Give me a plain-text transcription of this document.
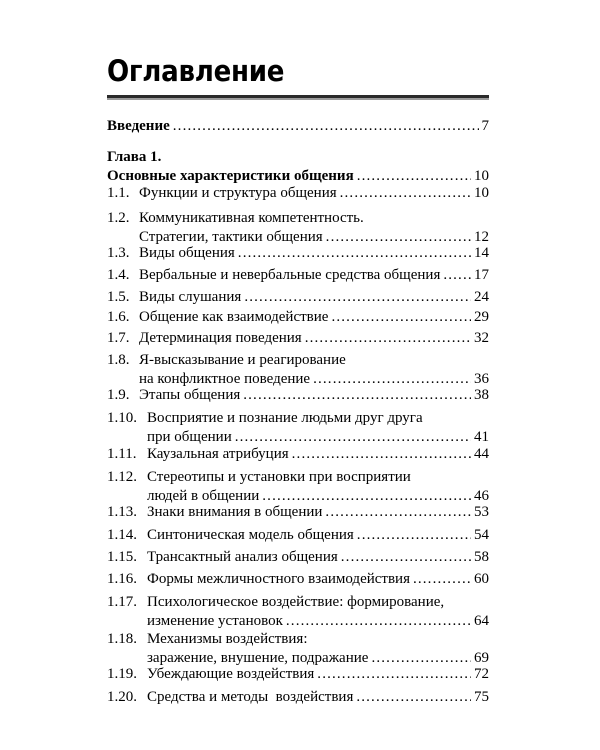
Оглавление
Введение . . .	7
Глава 1.
Основные характеристики общения . . .	10
1.1. Функции и структура общения . . .	10
1.2. Коммуникативная компетентность.
Стратегии, тактики общения . . .	12
1.3. Виды общения . . .	14
1.4. Вербальные и невербальные средства общения . . . 17
1.5. Виды слушания . . .	24
1.6. Общение как взаимодействие . . .	29
1.7. Детерминация поведения . . .	32
1.8. Я-высказывание и реагирование
на конфликтное поведение . . .	36
1.9. Этапы общения . . .	38
1.10. Восприятие и познание людьми друг друга
при общении . . .	41
1.11. Каузальная атрибуция . . .	44
1.12. Стереотипы и установки при восприятии
людей в общении . . .	46
1.13. Знаки внимания в общении . . .	53
1.14. Синтоническая модель общения . . .	54
1.15. Трансактный анализ общения . . .	58
1.16. Формы межличностного взаимодействия . . .	60
1.17. Психологическое воздействие: формирование,
изменение установок . . .	64
1.18. Механизмы воздействия:
заражение, внушение, подражание . . .	69
1.19. Убеждающие воздействия . . .	72
1.20. Средства и методы  воздействия . . .	75
